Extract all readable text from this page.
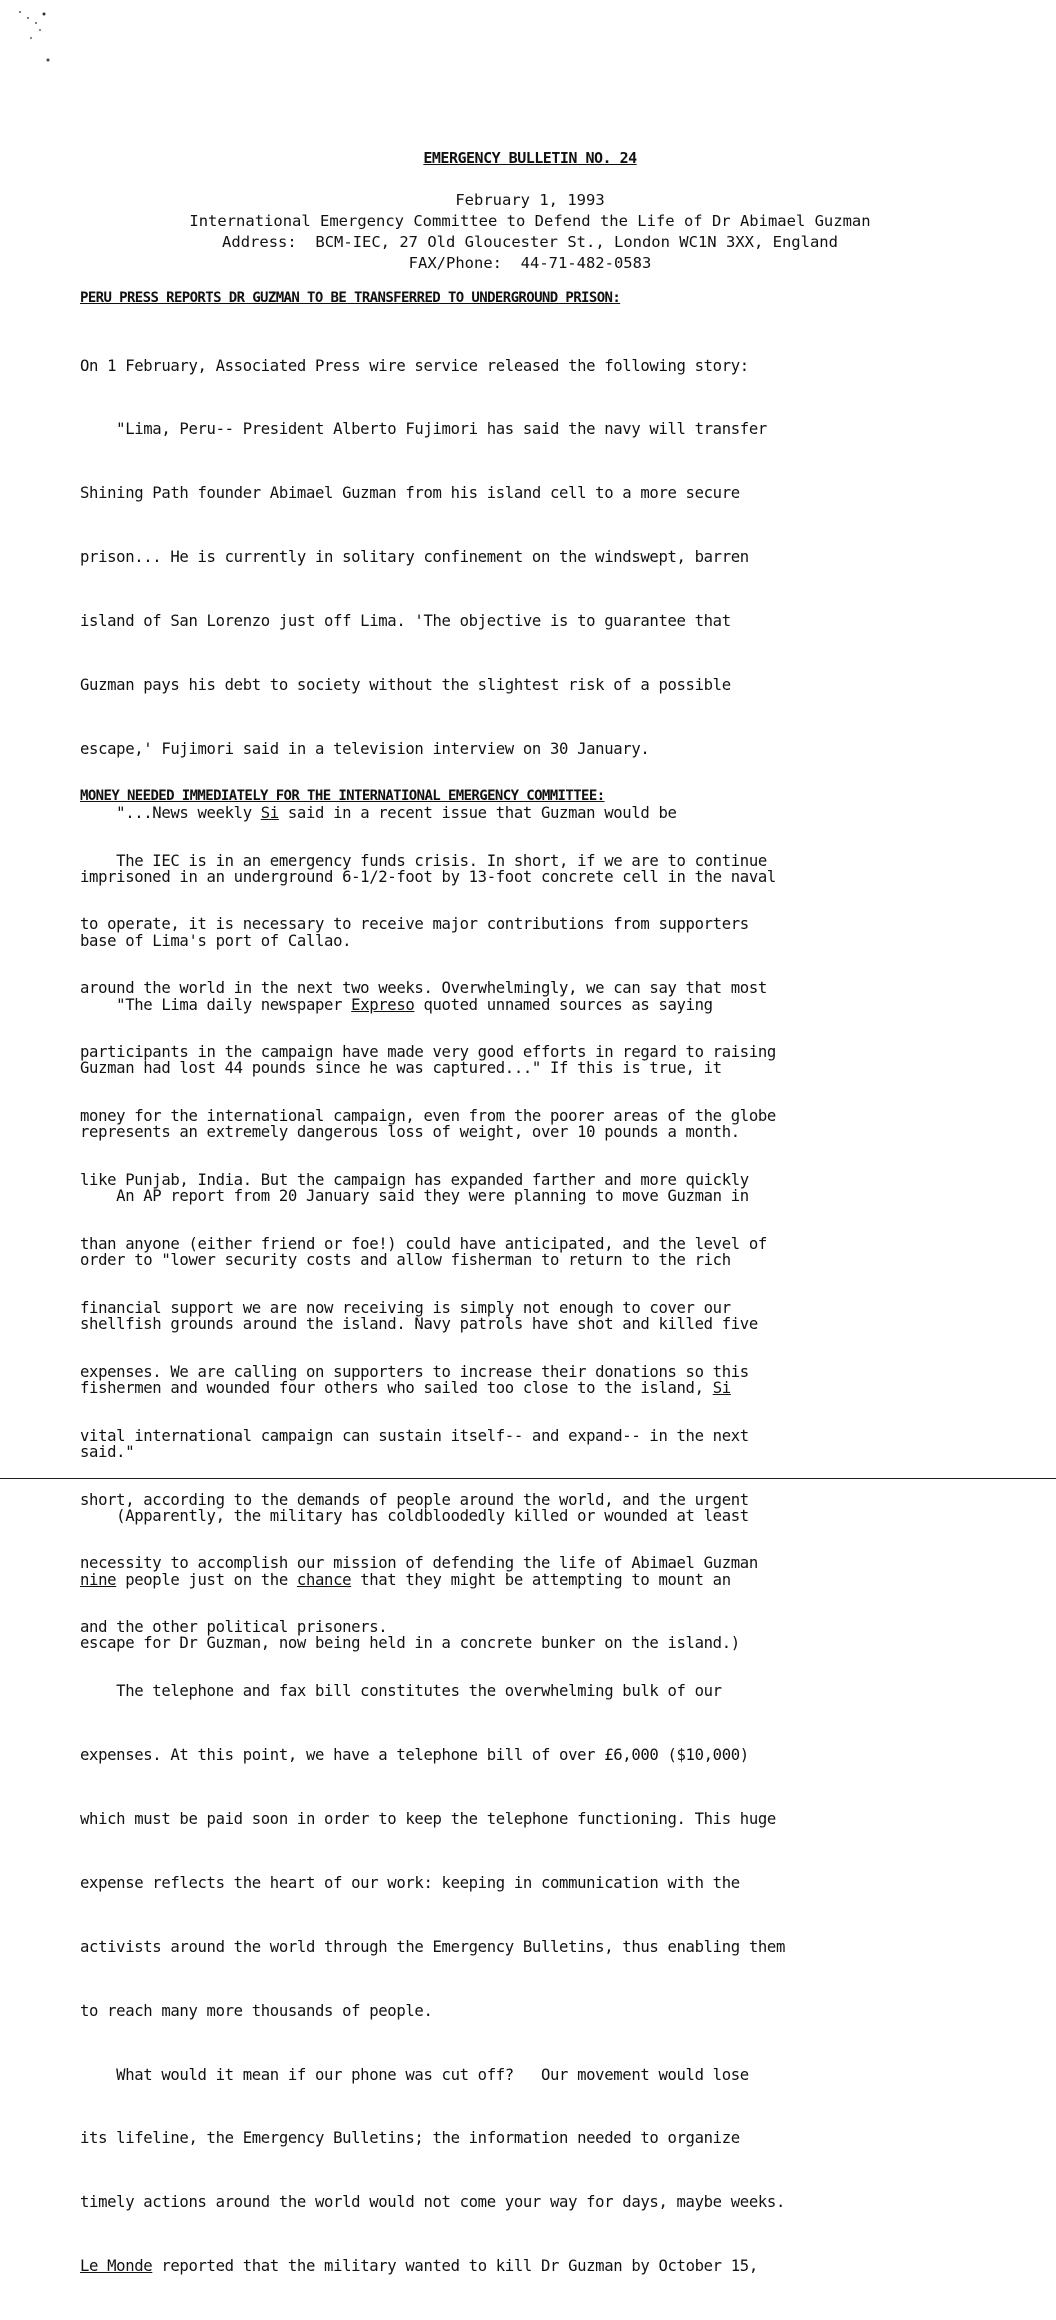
EMERGENCY BULLETIN NO. 24
February 1, 1993
International Emergency Committee to Defend the Life of Dr Abimael Guzman
Address:  BCM-IEC, 27 Old Gloucester St., London WC1N 3XX, England
FAX/Phone:  44-71-482-0583
PERU PRESS REPORTS DR GUZMAN TO BE TRANSFERRED TO UNDERGROUND PRISON:

On 1 February, Associated Press wire service released the following story:

"Lima, Peru-- President Alberto Fujimori has said the navy will transfer

Shining Path founder Abimael Guzman from his island cell to a more secure

prison... He is currently in solitary confinement on the windswept, barren

island of San Lorenzo just off Lima. 'The objective is to guarantee that

Guzman pays his debt to society without the slightest risk of a possible

escape,' Fujimori said in a television interview on 30 January.

"...News weekly Si said in a recent issue that Guzman would be

imprisoned in an underground 6-1/2-foot by 13-foot concrete cell in the naval

base of Lima's port of Callao.

"The Lima daily newspaper Expreso quoted unnamed sources as saying

Guzman had lost 44 pounds since he was captured..." If this is true, it

represents an extremely dangerous loss of weight, over 10 pounds a month.

An AP report from 20 January said they were planning to move Guzman in

order to "lower security costs and allow fisherman to return to the rich

shellfish grounds around the island. Navy patrols have shot and killed five

fishermen and wounded four others who sailed too close to the island, Si

said."

(Apparently, the military has coldbloodedly killed or wounded at least

nine people just on the chance that they might be attempting to mount an

escape for Dr Guzman, now being held in a concrete bunker on the island.)

MONEY NEEDED IMMEDIATELY FOR THE INTERNATIONAL EMERGENCY COMMITTEE:

The IEC is in an emergency funds crisis. In short, if we are to continue

to operate, it is necessary to receive major contributions from supporters

around the world in the next two weeks. Overwhelmingly, we can say that most

participants in the campaign have made very good efforts in regard to raising

money for the international campaign, even from the poorer areas of the globe

like Punjab, India. But the campaign has expanded farther and more quickly

than anyone (either friend or foe!) could have anticipated, and the level of

financial support we are now receiving is simply not enough to cover our

expenses. We are calling on supporters to increase their donations so this

vital international campaign can sustain itself-- and expand-- in the next

short, according to the demands of people around the world, and the urgent

necessity to accomplish our mission of defending the life of Abimael Guzman

and the other political prisoners.

The telephone and fax bill constitutes the overwhelming bulk of our

expenses. At this point, we have a telephone bill of over £6,000 ($10,000)

which must be paid soon in order to keep the telephone functioning. This huge

expense reflects the heart of our work: keeping in communication with the

activists around the world through the Emergency Bulletins, thus enabling them

to reach many more thousands of people.

What would it mean if our phone was cut off?   Our movement would lose

its lifeline, the Emergency Bulletins; the information needed to organize

timely actions around the world would not come your way for days, maybe weeks.

Le Monde reported that the military wanted to kill Dr Guzman by October 15,
